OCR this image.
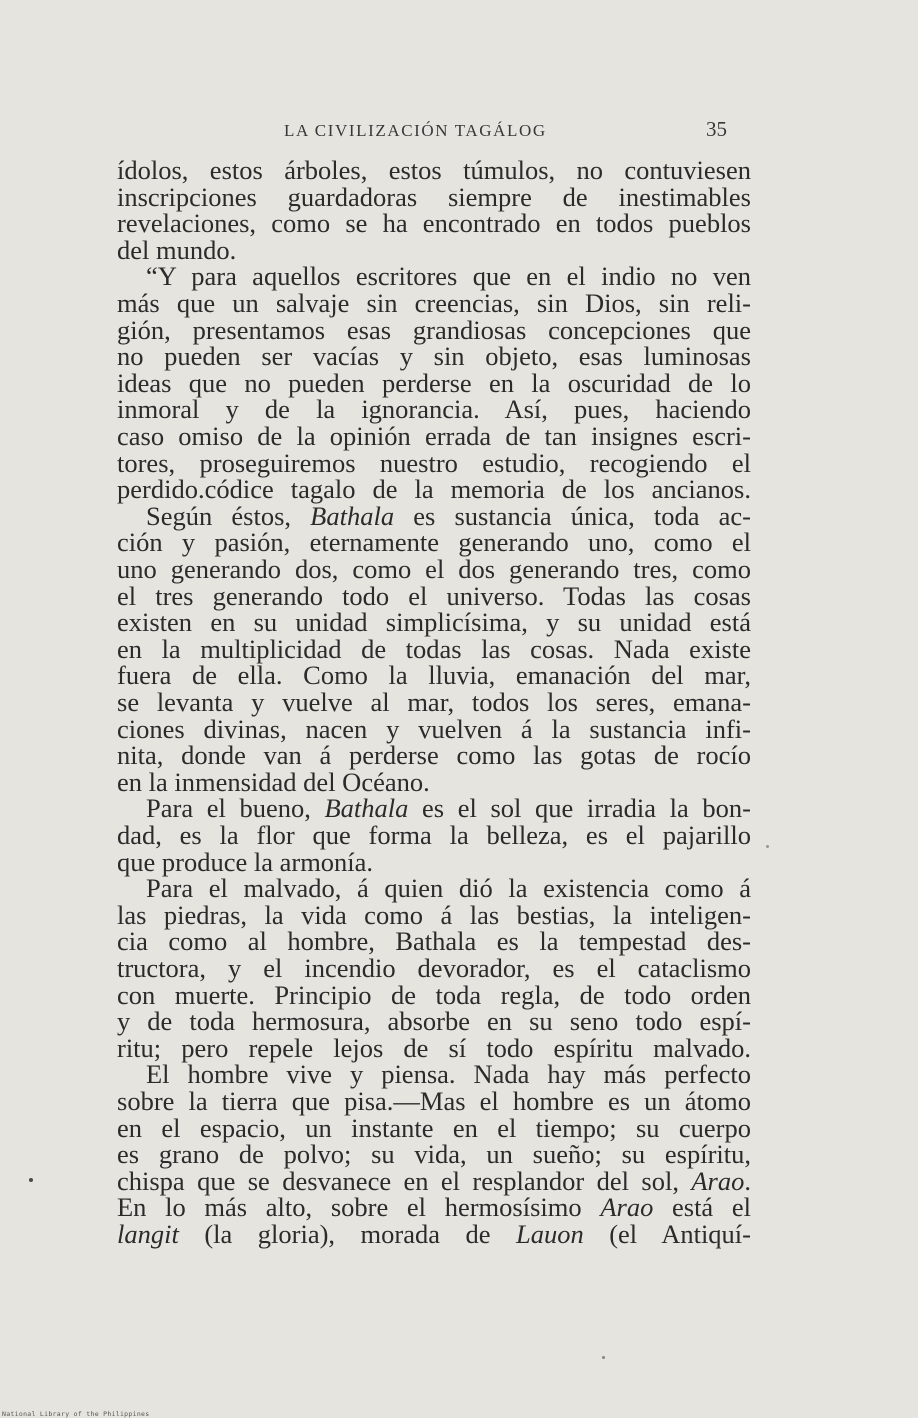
LA CIVILIZACIÓN TAGÁLOG	35
ídolos, estos árboles, estos túmulos, no contuviesen
inscripciones guardadoras siempre de inestimables
revelaciones, como se ha encontrado en todos pueblos
del mundo.
“Y para aquellos escritores que en el indio no ven
más que un salvaje sin creencias, sin Dios, sin reli-
gión, presentamos esas grandiosas concepciones que
no pueden ser vacías y sin objeto, esas luminosas
ideas que no pueden perderse en la oscuridad de lo
inmoral y de la ignorancia. Así, pues, haciendo
caso omiso de la opinión errada de tan insignes escri-
tores, proseguiremos nuestro estudio, recogiendo el
perdido.códice tagalo de la memoria de los ancianos.
Según éstos, Bathala es sustancia única, toda ac-
ción y pasión, eternamente generando uno, como el
uno generando dos, como el dos generando tres, como
el tres generando todo el universo. Todas las cosas
existen en su unidad simplicísima, y su unidad está
en la multiplicidad de todas las cosas. Nada existe
fuera de ella. Como la lluvia, emanación del mar,
se levanta y vuelve al mar, todos los seres, emana-
ciones divinas, nacen y vuelven á la sustancia infi-
nita, donde van á perderse como las gotas de rocío
en la inmensidad del Océano.
Para el bueno, Bathala es el sol que irradia la bon-
dad, es la flor que forma la belleza, es el pajarillo
que produce la armonía.
Para el malvado, á quien dió la existencia como á
las piedras, la vida como á las bestias, la inteligen-
cia como al hombre, Bathala es la tempestad des-
tructora, y el incendio devorador, es el cataclismo
con muerte. Principio de toda regla, de todo orden
y de toda hermosura, absorbe en su seno todo espí-
ritu; pero repele lejos de sí todo espíritu malvado.
El hombre vive y piensa. Nada hay más perfecto
sobre la tierra que pisa.—Mas el hombre es un átomo
en el espacio, un instante en el tiempo; su cuerpo
es grano de polvo; su vida, un sueño; su espíritu,
chispa que se desvanece en el resplandor del sol, Arao.
En lo más alto, sobre el hermosísimo Arao está el
langit (la gloria), morada de Lauon (el Antiquí-
National Library of the Philippines
